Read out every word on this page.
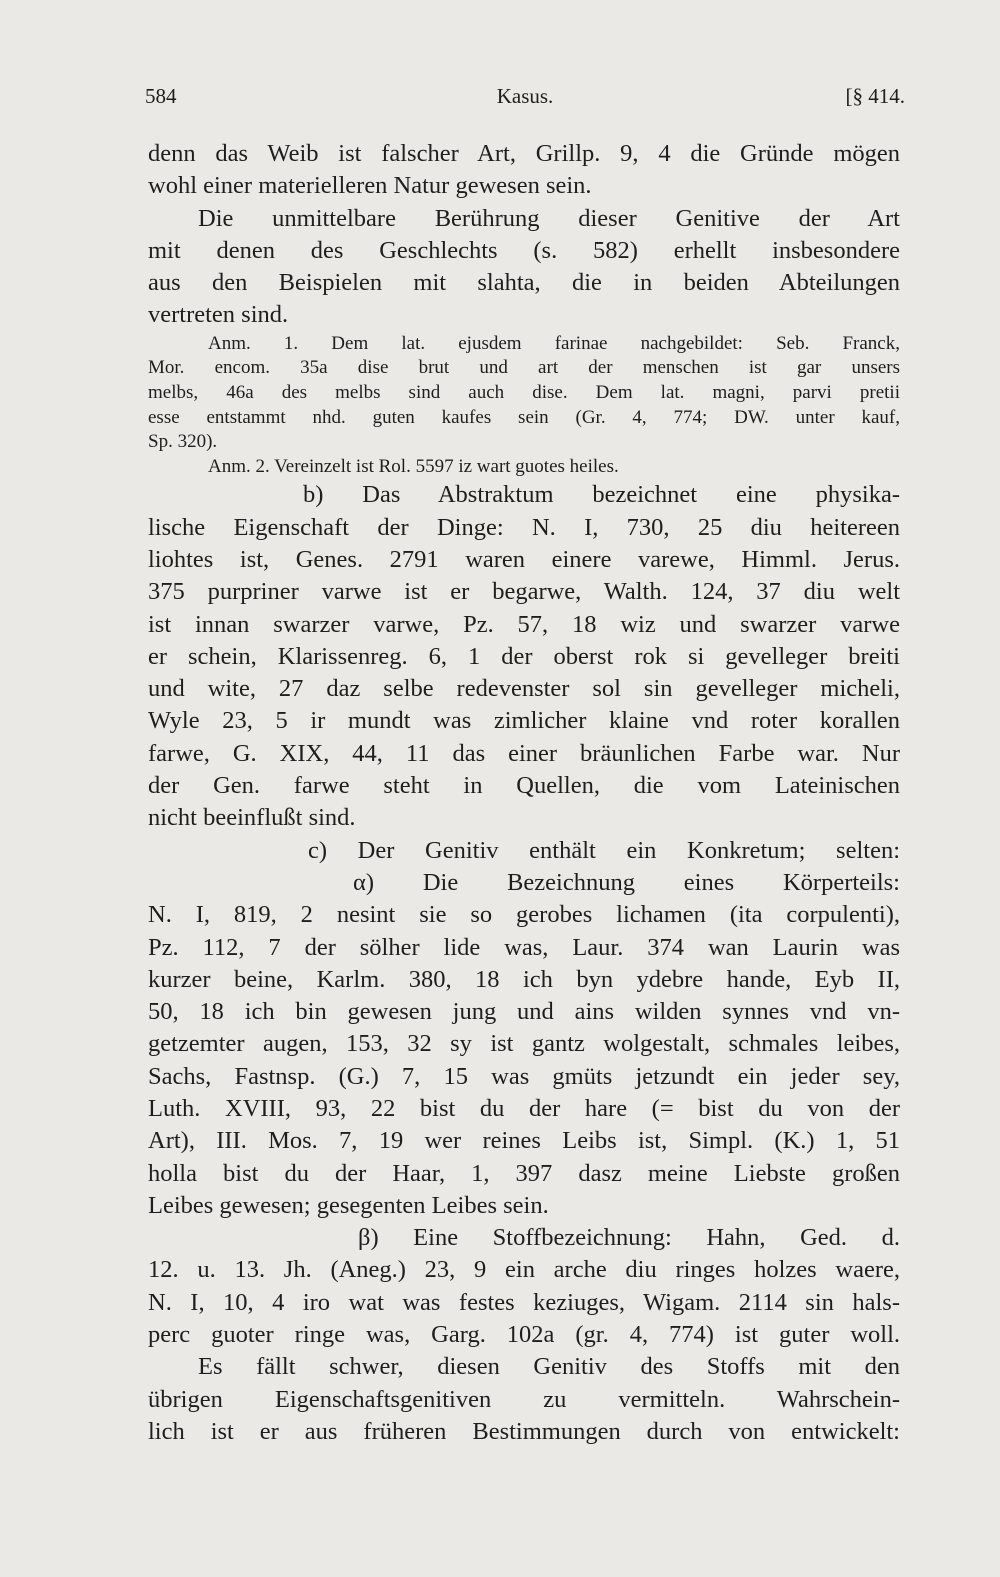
584	Kasus.	[§ 414.
denn das Weib ist falscher Art, Grillp. 9, 4 die Gründe mögen
wohl einer materielleren Natur gewesen sein.
Die unmittelbare Berührung dieser Genitive der Art
mit denen des Geschlechts (s. 582) erhellt insbesondere
aus den Beispielen mit slahta, die in beiden Abteilungen
vertreten sind.
Anm. 1. Dem lat. ejusdem farinae nachgebildet: Seb. Franck,
Mor. encom. 35a dise brut und art der menschen ist gar unsers
melbs, 46a des melbs sind auch dise. Dem lat. magni, parvi pretii
esse entstammt nhd. guten kaufes sein (Gr. 4, 774; DW. unter kauf,
Sp. 320).
Anm. 2. Vereinzelt ist Rol. 5597 iz wart guotes heiles.
b) Das Abstraktum bezeichnet eine physika-
lische Eigenschaft der Dinge: N. I, 730, 25 diu heitereen
liohtes ist, Genes. 2791 waren einere varewe, Himml. Jerus.
375 purpriner varwe ist er begarwe, Walth. 124, 37 diu welt
ist innan swarzer varwe, Pz. 57, 18 wiz und swarzer varwe
er schein, Klarissenreg. 6, 1 der oberst rok si gevelleger breiti
und wite, 27 daz selbe redevenster sol sin gevelleger micheli,
Wyle 23, 5 ir mundt was zimlicher klaine vnd roter korallen
farwe, G. XIX, 44, 11 das einer bräunlichen Farbe war. Nur
der Gen. farwe steht in Quellen, die vom Lateinischen
nicht beeinflußt sind.
c) Der Genitiv enthält ein Konkretum; selten:
α) Die Bezeichnung eines Körperteils:
N. I, 819, 2 nesint sie so gerobes lichamen (ita corpulenti),
Pz. 112, 7 der sölher lide was, Laur. 374 wan Laurin was
kurzer beine, Karlm. 380, 18 ich byn ydebre hande, Eyb II,
50, 18 ich bin gewesen jung und ains wilden synnes vnd vn-
getzemter augen, 153, 32 sy ist gantz wolgestalt, schmales leibes,
Sachs, Fastnsp. (G.) 7, 15 was gmüts jetzundt ein jeder sey,
Luth. XVIII, 93, 22 bist du der hare (= bist du von der
Art), III. Mos. 7, 19 wer reines Leibs ist, Simpl. (K.) 1, 51
holla bist du der Haar, 1, 397 dasz meine Liebste großen
Leibes gewesen; gesegenten Leibes sein.
β) Eine Stoffbezeichnung: Hahn, Ged. d.
12. u. 13. Jh. (Aneg.) 23, 9 ein arche diu ringes holzes waere,
N. I, 10, 4 iro wat was festes keziuges, Wigam. 2114 sin hals-
perc guoter ringe was, Garg. 102a (gr. 4, 774) ist guter woll.
Es fällt schwer, diesen Genitiv des Stoffs mit den
übrigen Eigenschaftsgenitiven zu vermitteln. Wahrschein-
lich ist er aus früheren Bestimmungen durch von entwickelt:
